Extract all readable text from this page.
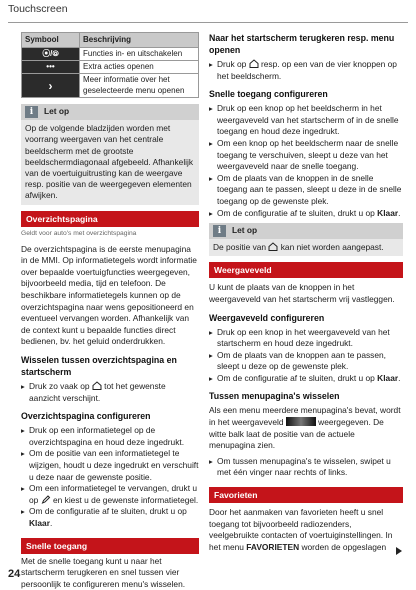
Touchscreen
Symbool	Beschrijving
⦿/⦾	Functies in- en uitschakelen
•••	Extra acties openen
›	Meer informatie over het geselecteerde menu openen
i	Let op
Op de volgende bladzijden worden met voorrang weergaven van het centrale beeldscherm met de grootste beeldschermdiagonaal afgebeeld. Afhankelijk van de voertuiguitrusting kan de weergave resp. positie van de weergegeven elementen afwijken.
Overzichtspagina
Geldt voor auto's met overzichtspagina

De overzichtspagina is de eerste menupagina in de MMI. Op informatietegels wordt informatie over bepaalde voertuigfuncties weergegeven, bijvoorbeeld media, tijd en telefoon. De beschikbare informatietegels kunnen op de overzichtspagina naar wens gepositioneerd en eventueel vervangen worden. Afhankelijk van de context kunt u bepaalde functies direct bedienen, bv. het geluid onderdrukken.

Wisselen tussen overzichtspagina en startscherm
▸ Druk zo vaak op  tot het gewenste aanzicht verschijnt.
Overzichtspagina configureren
▸ Druk op een informatietegel op de overzichtspagina en houd deze ingedrukt.
▸ Om de positie van een informatietegel te wijzigen, houdt u deze ingedrukt en verschuift u deze naar de gewenste positie.
▸ Om een informatietegel te vervangen, drukt u op  en kiest u de gewenste informatietegel.
▸ Om de configuratie af te sluiten, drukt u op Klaar.
Snelle toegang

Met de snelle toegang kunt u naar het startscherm terugkeren en snel tussen vier persoonlijk te configureren menu's wisselen.

Naar het startscherm terugkeren resp. menu openen
▸ Druk op  resp. op een van de vier knoppen op het beeldscherm.
Snelle toegang configureren
▸ Druk op een knop op het beeldscherm in het weergaveveld van het startscherm of in de snelle toegang en houd deze ingedrukt.
▸ Om een knop op het beeldscherm naar de snelle toegang te verschuiven, sleept u deze van het weergaveveld naar de snelle toegang.
▸ Om de plaats van de knoppen in de snelle toegang aan te passen, sleept u deze in de snelle toegang op de gewenste plek.
▸ Om de configuratie af te sluiten, drukt u op Klaar.
i	Let op
De positie van  kan niet worden aangepast.
Weergaveveld

U kunt de plaats van de knoppen in het weergaveveld van het startscherm vrij vastleggen.

Weergaveveld configureren
▸ Druk op een knop in het weergaveveld van het startscherm en houd deze ingedrukt.
▸ Om de plaats van de knoppen aan te passen, sleept u deze op de gewenste plek.
▸ Om de configuratie af te sluiten, drukt u op Klaar.
Tussen menupagina's wisselen

Als een menu meerdere menupagina's bevat, wordt in het weergaveveld	weergegeven. De witte balk laat de positie van de actuele menupagina zien.

▸ Om tussen menupagina's te wisselen, swipet u met één vinger naar rechts of links.
Favorieten

Door het aanmaken van favorieten heeft u snel toegang tot bijvoorbeeld radiozenders, veelgebruikte contacten of voertuiginstellingen. In het menu FAVORIETEN worden de opgeslagen

24
